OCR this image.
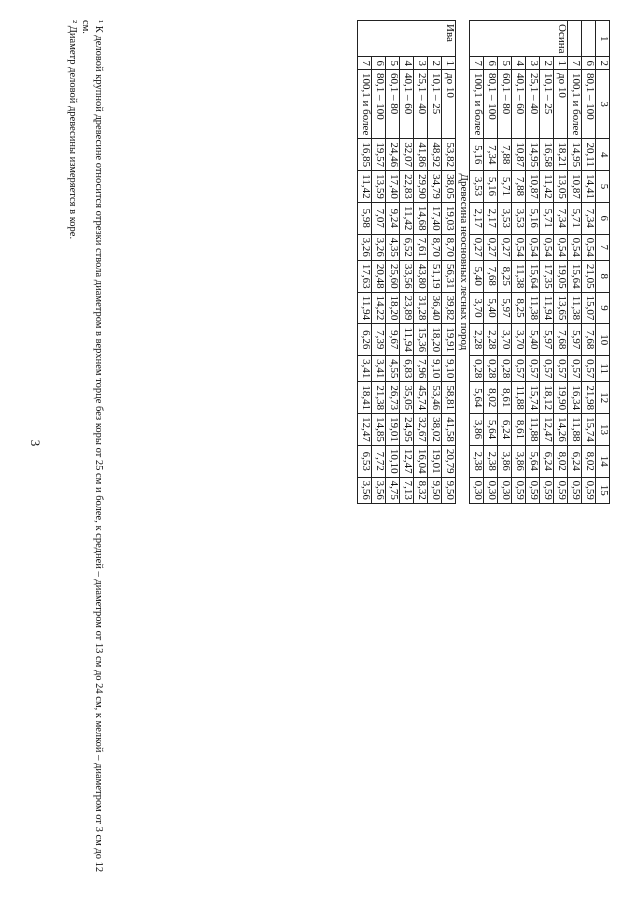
3
1	2	3	4	5	6	7	8	9	10	11	12	13	14	15
	6	80,1 – 100	20,11	14,41	7,34	0,54	21,05	15,07	7,68	0,57	21,98	15,74	8,02	0,59
	7	100,1 и более	14,95	10,87	5,71	0,54	15,64	11,38	5,97	0,57	16,34	11,88	6,24	0,59
Осина	1	до 10	18,21	13,05	7,34	0,54	19,05	13,65	7,68	0,57	19,90	14,26	8,02	0,59
	2	10,1 – 25	16,58	11,42	5,71	0,54	17,35	11,94	5,97	0,57	18,12	12,47	6,24	0,59
	3	25,1 – 40	14,95	10,87	5,16	0,54	15,64	11,38	5,40	0,57	15,74	11,88	5,64	0,59
	4	40,1 – 60	10,87	7,88	3,53	0,54	11,38	8,25	3,70	0,57	11,88	8,61	3,86	0,59
	5	60,1 – 80	7,88	5,71	3,53	0,27	8,25	5,97	3,70	0,28	8,61	6,24	3,86	0,30
	6	80,1 – 100	7,34	5,16	2,17	0,27	7,68	5,40	2,28	0,28	8,02	5,64	2,38	0,30
	7	100,1 и более	5,16	3,53	2,17	0,27	5,40	3,70	2,28	0,28	5,64	3,86	2,38	0,30
Древесина неосновных лесных пород														
Ива	1	до 10	53,82	38,05	19,03	8,70	56,31	39,82	19,91	9,10	58,81	41,58	20,79	9,50
	2	10,1 – 25	48,92	34,79	17,40	8,70	51,19	36,40	18,20	9,10	53,46	38,02	19,01	9,50
	3	25,1 – 40	41,86	29,90	14,68	7,61	43,80	31,28	15,36	7,96	45,74	32,67	16,04	8,32
	4	40,1 – 60	32,07	22,83	11,42	6,52	33,56	23,89	11,94	6,83	35,05	24,95	12,47	7,13
	5	60,1 – 80	24,46	17,40	9,24	4,35	25,60	18,20	9,67	4,55	26,73	19,01	10,10	4,75
	6	80,1 – 100	19,57	13,59	7,07	3,26	20,48	14,22	7,39	3,41	21,38	14,85	7,72	3,56
	7	100,1 и более	16,85	11,42	5,98	3,26	17,63	11,94	6,26	3,41	18,41	12,47	6,53	3,56

¹ К деловой крупной древесине относится отрезки ствола диаметром в верхнем торце без коры от 25 см и более, к средней – диаметром от 13 см до 24 см, к мелкой – диаметром от 3 см до 12 см.

² Диаметр деловой древесины измеряется в коре.
